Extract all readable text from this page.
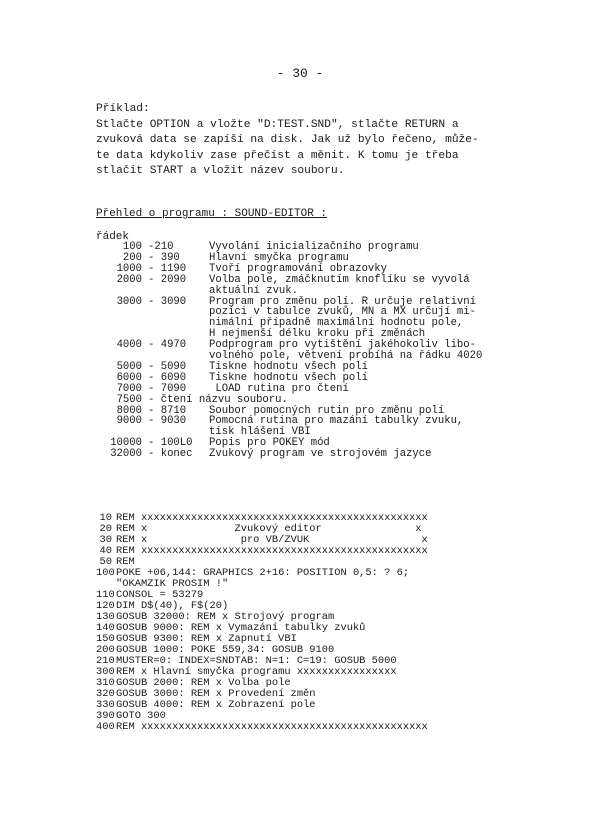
- 30 -
Příklad:
Stlačte OPTION a vložte "D:TEST.SND", stlačte RETURN a
zvuková data se zapíší na disk. Jak už bylo řečeno, může-
te data kdykoliv zase přečíst a měnit. K tomu je třeba
stlačit START a vložit název souboru.
Přehled o programu : SOUND-EDITOR :
řádek
100 -210	Vyvolání inicializačního programu
200 - 390	Hlavní smyčka programu
1000 - 1190	Tvoří programování obrazovky
2000 - 2090	Volba pole, zmáčknutím knoflíku se vyvolá
aktuální zvuk.
3000 - 3090	Program pro změnu polí. R určuje relativní
pozici v tabulce zvuků, MN a MX určují mi-
nimální případně maximální hodnotu pole,
H nejmenší délku kroku při změnách
4000 - 4970	Podprogram pro vytištění jakéhokoliv libo-
volného pole, větvení probíhá na řádku 4020
5000 - 5090	Tiskne hodnotu všech polí
6000 - 6090	Tiskne hodnotu všech polí
7000 - 7090	LOAD rutina pro čtení
7500 - čtení názvu souboru.
8000 - 8710	Soubor pomocných rutin pro změnu polí
9000 - 9030	Pomocná rutina pro mazání tabulky zvuku,
tisk hlášení VBI
10000 - 100L0	Popis pro POKEY mód
32000 - konec	Zvukový program ve strojovém jazyce
10 REM xxxxxxxxxxxxxxxxxxxxxxxxxxxxxxxxxxxxxxxxxxxxxx
20 REM x              Zvukový editor               x
30 REM x               pro VB/ZVUK                  x
40 REM xxxxxxxxxxxxxxxxxxxxxxxxxxxxxxxxxxxxxxxxxxxxxx
50 REM
100 POKE +06,144: GRAPHICS 2+16: POSITION 0,5: ? 6;
"OKAMZIK PROSIM !"
110 CONSOL = 53279
120 DIM D$(40), F$(20)
130 GOSUB 32000: REM x Strojový program
140 GOSUB 9000: REM x Vymazání tabulky zvuků
150 GOSUB 9300: REM x Zapnutí VBI
200 GOSUB 1000: POKE 559,34: GOSUB 9100
210 MUSTER=0: INDEX=SNDTAB: N=1: C=19: GOSUB 5000
300 REM x Hlavní smyčka programu xxxxxxxxxxxxxxxx
310 GOSUB 2000: REM x Volba pole
320 GOSUB 3000: REM x Provedení změn
330 GOSUB 4000: REM x Zobrazení pole
390 GOTO 300
400 REM xxxxxxxxxxxxxxxxxxxxxxxxxxxxxxxxxxxxxxxxxxxxxx
